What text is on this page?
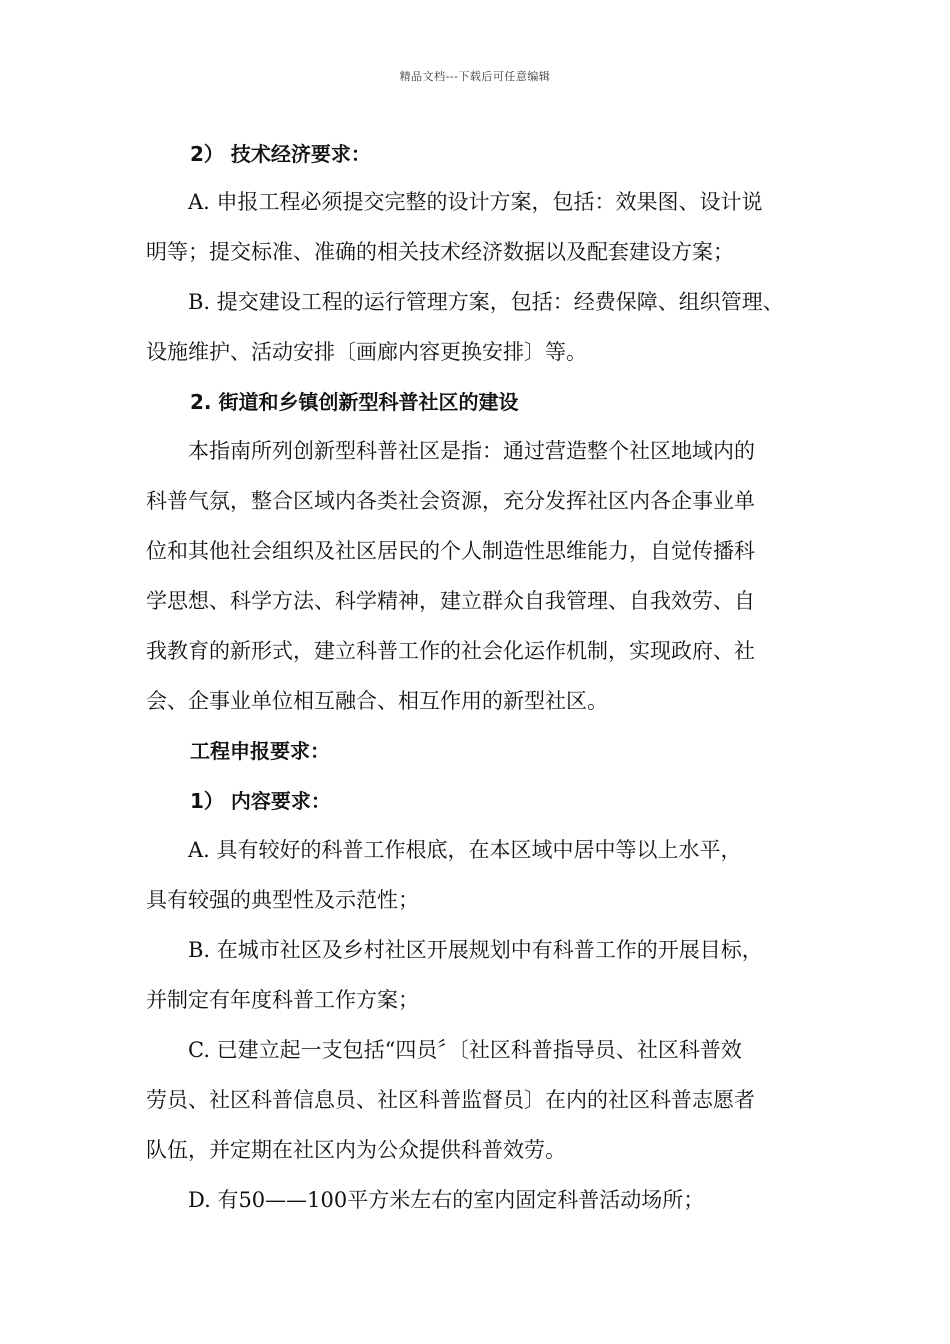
精品文档---下载后可任意编辑
2） 技术经济要求：
A. 申报工程必须提交完整的设计方案，包括：效果图、设计说
明等；提交标准、准确的相关技术经济数据以及配套建设方案；
B. 提交建设工程的运行管理方案，包括：经费保障、组织管理、
设施维护、活动安排〔画廊内容更换安排〕等。
2. 街道和乡镇创新型科普社区的建设
本指南所列创新型科普社区是指：通过营造整个社区地域内的
科普气氛，整合区域内各类社会资源，充分发挥社区内各企事业单
位和其他社会组织及社区居民的个人制造性思维能力，自觉传播科
学思想、科学方法、科学精神，建立群众自我管理、自我效劳、自
我教育的新形式，建立科普工作的社会化运作机制，实现政府、社
会、企事业单位相互融合、相互作用的新型社区。
工程申报要求：
1） 内容要求：
A. 具有较好的科普工作根底，在本区域中居中等以上水平，
具有较强的典型性及示范性；
B. 在城市社区及乡村社区开展规划中有科普工作的开展目标，
并制定有年度科普工作方案；
C. 已建立起一支包括“四员〞〔社区科普指导员、社区科普效
劳员、社区科普信息员、社区科普监督员〕在内的社区科普志愿者
队伍，并定期在社区内为公众提供科普效劳。
D. 有50——100平方米左右的室内固定科普活动场所；
